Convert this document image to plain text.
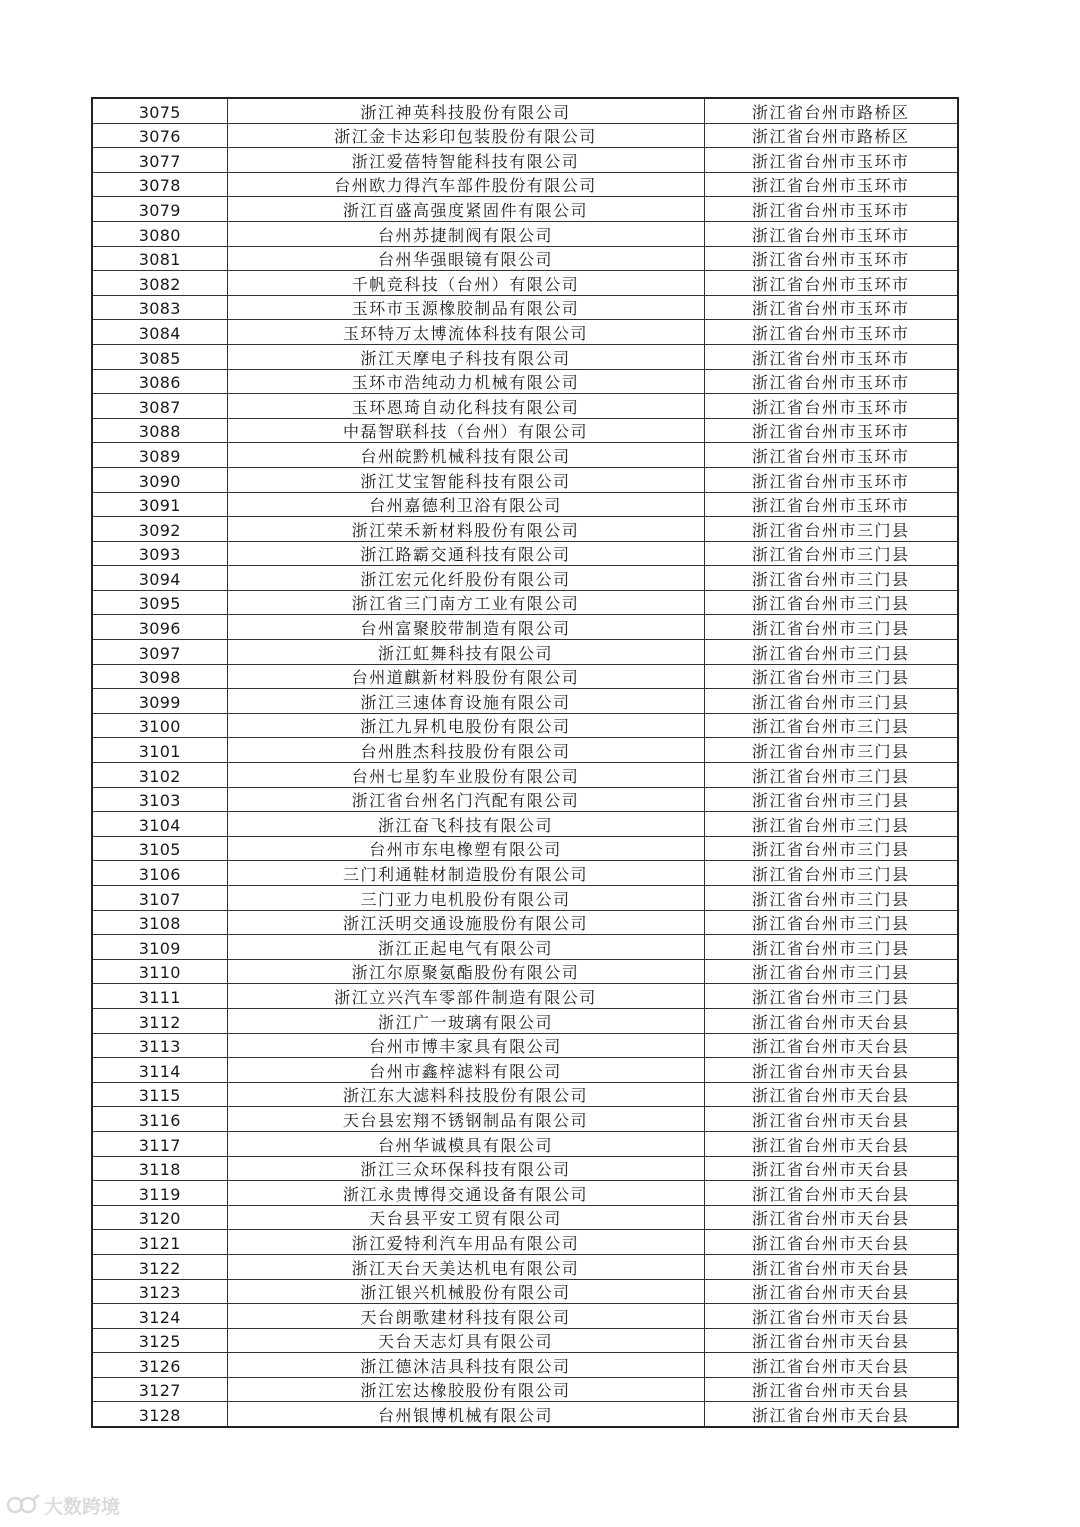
3075	浙江神英科技股份有限公司	浙江省台州市路桥区
3076	浙江金卡达彩印包装股份有限公司	浙江省台州市路桥区
3077	浙江爱蓓特智能科技有限公司	浙江省台州市玉环市
3078	台州欧力得汽车部件股份有限公司	浙江省台州市玉环市
3079	浙江百盛高强度紧固件有限公司	浙江省台州市玉环市
3080	台州苏捷制阀有限公司	浙江省台州市玉环市
3081	台州华强眼镜有限公司	浙江省台州市玉环市
3082	千帆竞科技（台州）有限公司	浙江省台州市玉环市
3083	玉环市玉源橡胶制品有限公司	浙江省台州市玉环市
3084	玉环特万太博流体科技有限公司	浙江省台州市玉环市
3085	浙江天摩电子科技有限公司	浙江省台州市玉环市
3086	玉环市浩纯动力机械有限公司	浙江省台州市玉环市
3087	玉环恩琦自动化科技有限公司	浙江省台州市玉环市
3088	中磊智联科技（台州）有限公司	浙江省台州市玉环市
3089	台州皖黔机械科技有限公司	浙江省台州市玉环市
3090	浙江艾宝智能科技有限公司	浙江省台州市玉环市
3091	台州嘉德利卫浴有限公司	浙江省台州市玉环市
3092	浙江荣禾新材料股份有限公司	浙江省台州市三门县
3093	浙江路霸交通科技有限公司	浙江省台州市三门县
3094	浙江宏元化纤股份有限公司	浙江省台州市三门县
3095	浙江省三门南方工业有限公司	浙江省台州市三门县
3096	台州富聚胶带制造有限公司	浙江省台州市三门县
3097	浙江虹舞科技有限公司	浙江省台州市三门县
3098	台州道麒新材料股份有限公司	浙江省台州市三门县
3099	浙江三速体育设施有限公司	浙江省台州市三门县
3100	浙江九昇机电股份有限公司	浙江省台州市三门县
3101	台州胜杰科技股份有限公司	浙江省台州市三门县
3102	台州七星豹车业股份有限公司	浙江省台州市三门县
3103	浙江省台州名门汽配有限公司	浙江省台州市三门县
3104	浙江奋飞科技有限公司	浙江省台州市三门县
3105	台州市东电橡塑有限公司	浙江省台州市三门县
3106	三门利通鞋材制造股份有限公司	浙江省台州市三门县
3107	三门亚力电机股份有限公司	浙江省台州市三门县
3108	浙江沃明交通设施股份有限公司	浙江省台州市三门县
3109	浙江正起电气有限公司	浙江省台州市三门县
3110	浙江尔原聚氨酯股份有限公司	浙江省台州市三门县
3111	浙江立兴汽车零部件制造有限公司	浙江省台州市三门县
3112	浙江广一玻璃有限公司	浙江省台州市天台县
3113	台州市博丰家具有限公司	浙江省台州市天台县
3114	台州市鑫梓滤料有限公司	浙江省台州市天台县
3115	浙江东大滤料科技股份有限公司	浙江省台州市天台县
3116	天台县宏翔不锈钢制品有限公司	浙江省台州市天台县
3117	台州华诚模具有限公司	浙江省台州市天台县
3118	浙江三众环保科技有限公司	浙江省台州市天台县
3119	浙江永贵博得交通设备有限公司	浙江省台州市天台县
3120	天台县平安工贸有限公司	浙江省台州市天台县
3121	浙江爱特利汽车用品有限公司	浙江省台州市天台县
3122	浙江天台天美达机电有限公司	浙江省台州市天台县
3123	浙江银兴机械股份有限公司	浙江省台州市天台县
3124	天台朗歌建材科技有限公司	浙江省台州市天台县
3125	天台天志灯具有限公司	浙江省台州市天台县
3126	浙江德沐洁具科技有限公司	浙江省台州市天台县
3127	浙江宏达橡胶股份有限公司	浙江省台州市天台县
3128	台州银博机械有限公司	浙江省台州市天台县
大数跨境
